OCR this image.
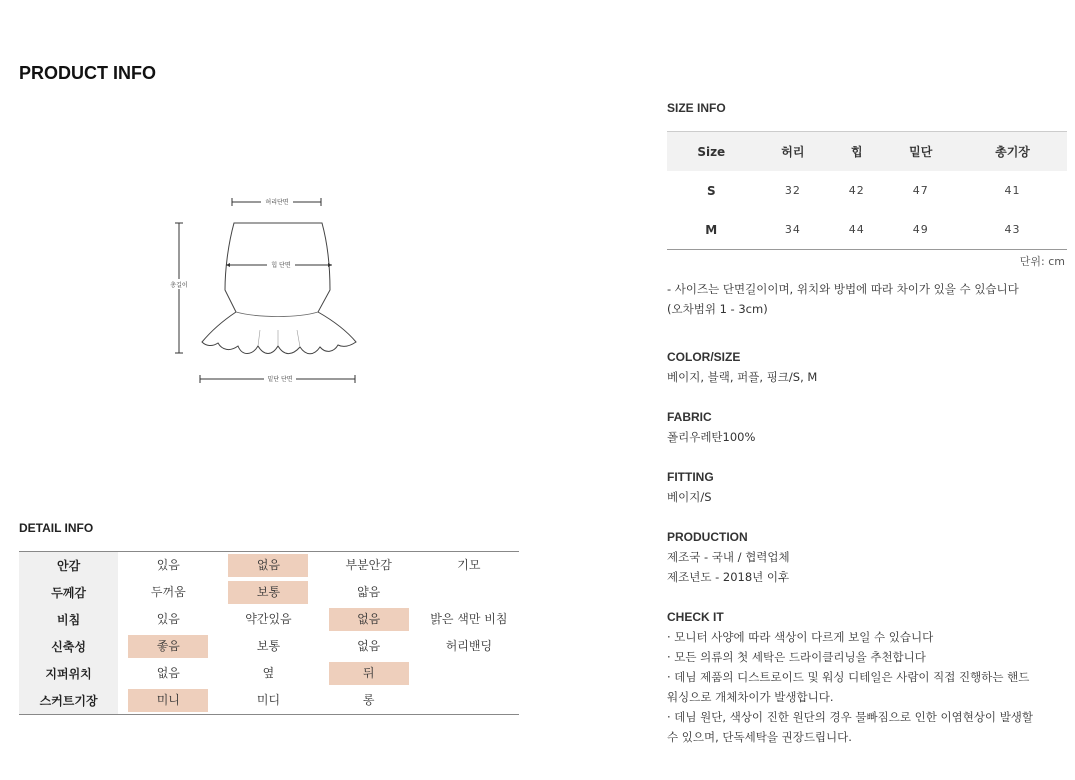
PRODUCT INFO
허리단면
총길이
힙 단면
밑단 단면
DETAIL INFO
안감	있음	없음	부분안감	기모
두께감	두꺼움	보통	얇음	
비침	있음	약간있음	없음	밝은 색만 비침
신축성	좋음	보통	없음	허리밴딩
지퍼위치	없음	옆	뒤	
스커트기장	미니	미디	롱	
SIZE INFO
Size	허리	힙	밑단	총기장
S	32	42	47	41
M	34	44	49	43
단위: cm
- 사이즈는 단면길이이며, 위치와 방법에 따라 차이가 있을 수 있습니다
(오차범위 1 - 3cm)
COLOR/SIZE
베이지, 블랙, 퍼플, 핑크/S, M
FABRIC
폴리우레탄100%
FITTING
베이지/S
PRODUCTION
제조국 - 국내 / 협력업체
제조년도 - 2018년 이후
CHECK IT
· 모니터 사양에 따라 색상이 다르게 보일 수 있습니다
· 모든 의류의 첫 세탁은 드라이클리닝을 추천합니다
· 데님 제품의 디스트로이드 및 워싱 디테일은 사람이 직접 진행하는 핸드
워싱으로 개체차이가 발생합니다.
· 데님 원단, 색상이 진한 원단의 경우 물빠짐으로 인한 이염현상이 발생할
수 있으며, 단독세탁을 권장드립니다.
